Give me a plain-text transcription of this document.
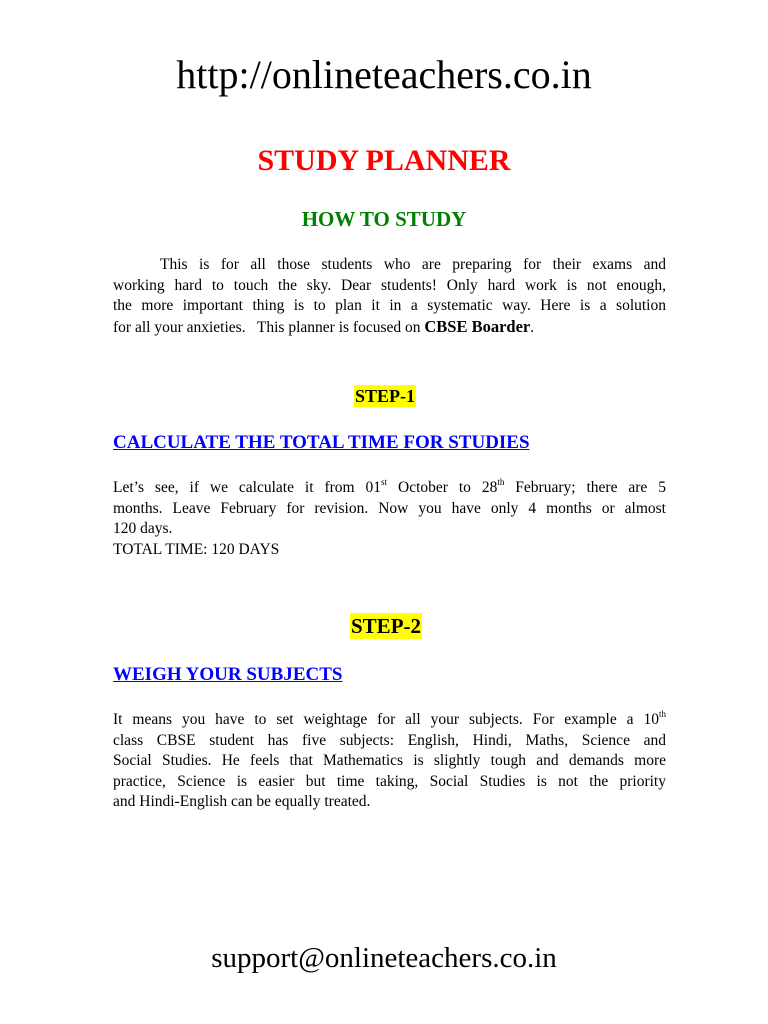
http://onlineteachers.co.in
STUDY PLANNER
HOW TO STUDY
This is for all those students who are preparing for their exams and
working hard to touch the sky. Dear students! Only hard work is not enough,
the more important thing is to plan it in a systematic way. Here is a solution
for all your anxieties.   This planner is focused on CBSE Boarder.
STEP-1
CALCULATE THE TOTAL TIME FOR STUDIES
Let’s see, if we calculate it from 01st October to 28th February; there are 5
months. Leave February for revision. Now you have only 4 months or almost
120 days.
TOTAL TIME: 120 DAYS
STEP-2
WEIGH YOUR SUBJECTS
It means you have to set weightage for all your subjects. For example a 10th
class CBSE student has five subjects: English, Hindi, Maths, Science and
Social Studies. He feels that Mathematics is slightly tough and demands more
practice, Science is easier but time taking, Social Studies is not the priority
and Hindi-English can be equally treated.
support@onlineteachers.co.in
